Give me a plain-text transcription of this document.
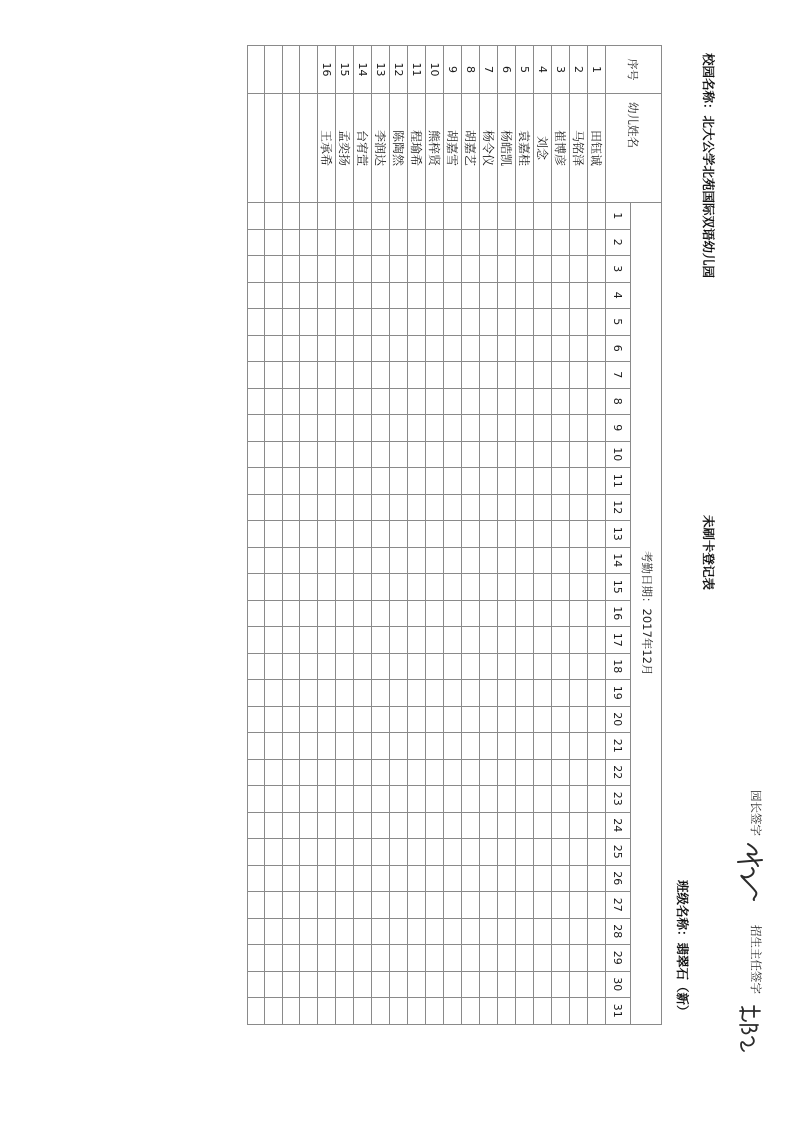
校园名称：北大公学北苑国际双语幼儿园
未刷卡登记表
园长签字
招生主任签字
班级名称：翡翠石（新）
序号	幼儿姓名	考勤日期：2017年12月																														
		1	2	3	4	5	6	7	8	9	10	11	12	13	14	15	16	17	18	19	20	21	22	23	24	25	26	27	28	29	30	31
1	田钰诚																															
2	马铭泽																															
3	崔博彦																															
4	刘念																															
5	袁嘉桂																															
6	杨皓凯																															
7	杨令仪																															
8	胡嘉艺																															
9	胡嘉雪																															
10	熊梓贤																															
11	程瑜希																															
12	陈陶然																															
13	李润达																															
14	台宥萱																															
15	孟奕扬																															
16	王承希																															
